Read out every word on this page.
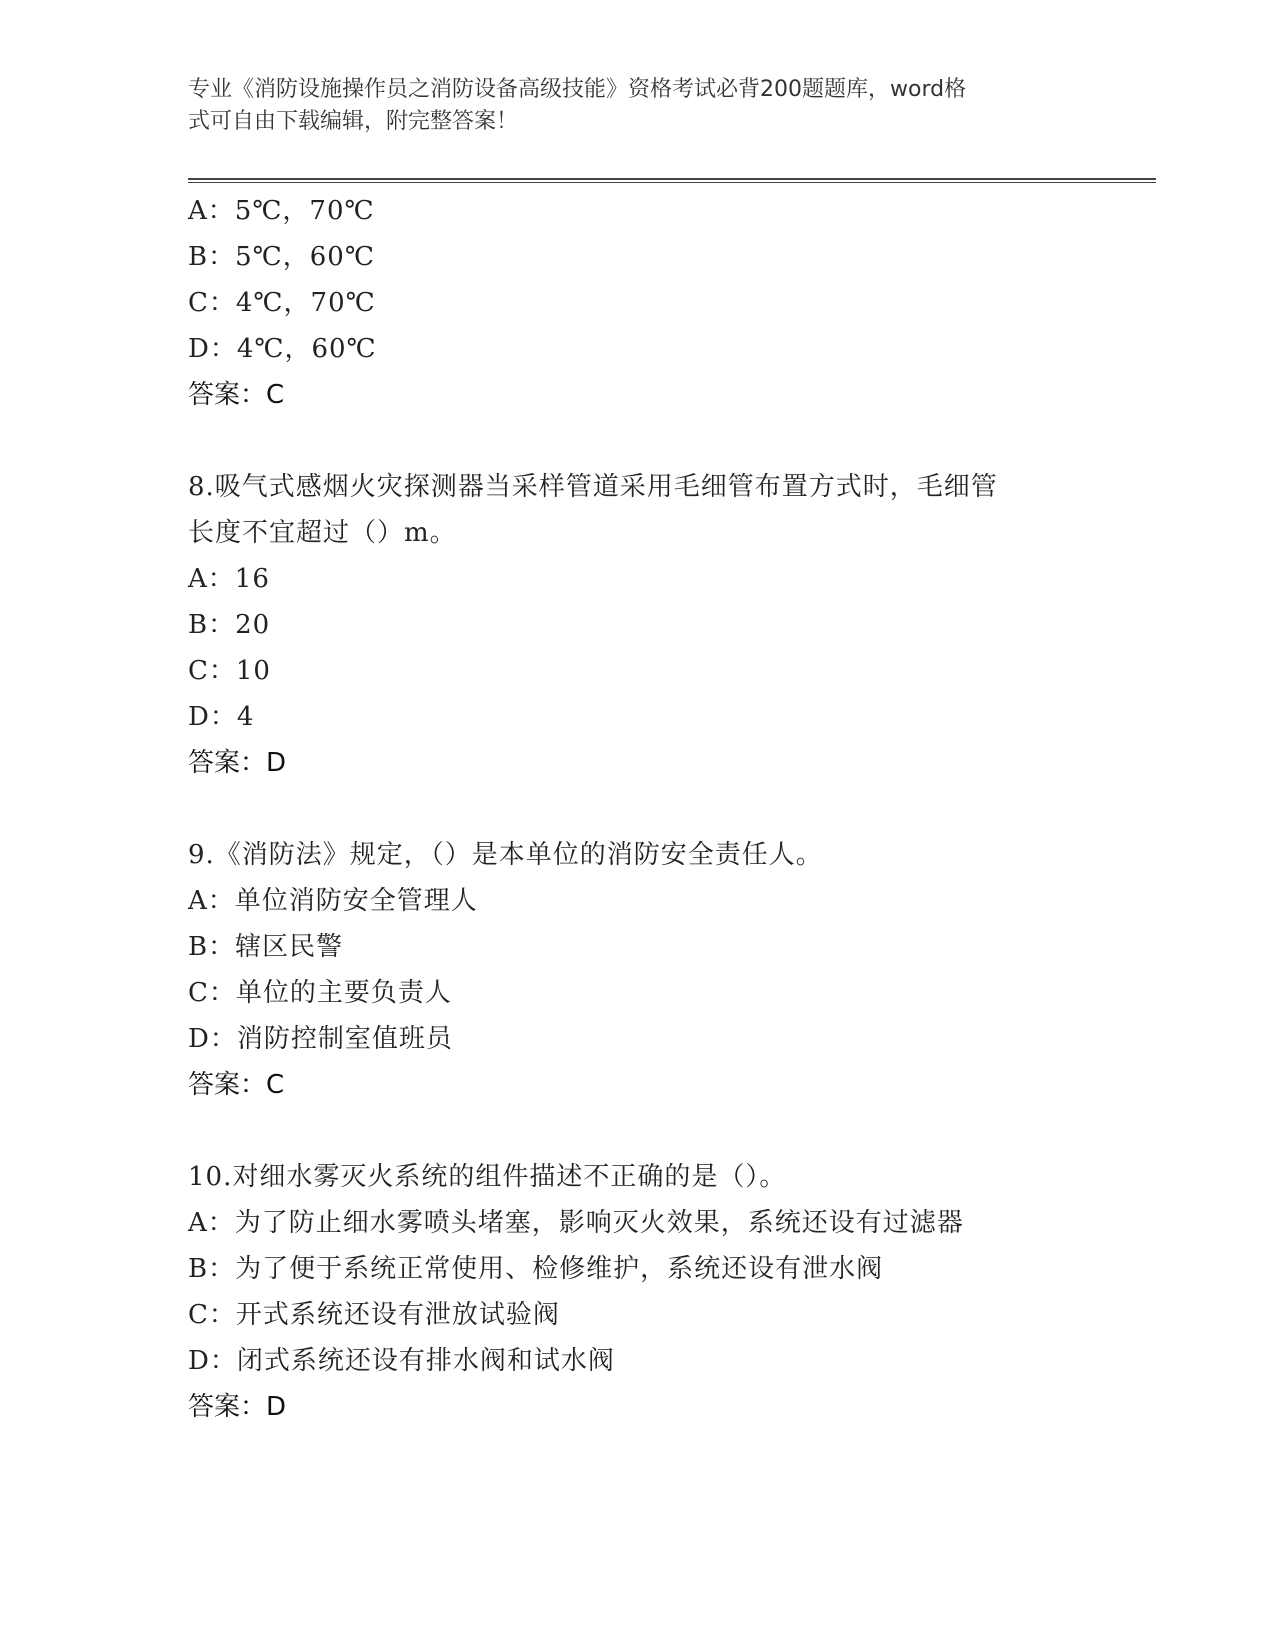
专业《消防设施操作员之消防设备高级技能》资格考试必背200题题库，word格
式可自由下载编辑，附完整答案！
A：5℃，70℃
B：5℃，60℃
C：4℃，70℃
D：4℃，60℃
答案：C
8.吸气式感烟火灾探测器当采样管道采用毛细管布置方式时，毛细管
长度不宜超过（）m。
A：16
B：20
C：10
D：4
答案：D
9.《消防法》规定，（）是本单位的消防安全责任人。
A：单位消防安全管理人
B：辖区民警
C：单位的主要负责人
D：消防控制室值班员
答案：C
10.对细水雾灭火系统的组件描述不正确的是（）。
A：为了防止细水雾喷头堵塞，影响灭火效果，系统还设有过滤器
B：为了便于系统正常使用、检修维护，系统还设有泄水阀
C：开式系统还设有泄放试验阀
D：闭式系统还设有排水阀和试水阀
答案：D
